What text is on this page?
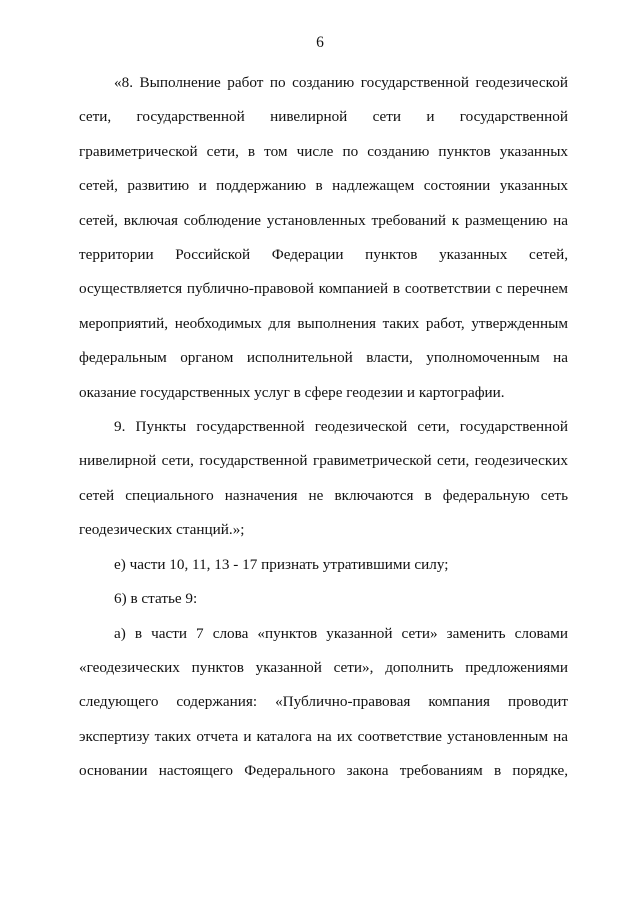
6

«8. Выполнение работ по созданию государственной геодезической сети, государственной нивелирной сети и государственной гравиметрической сети, в том числе по созданию пунктов указанных сетей, развитию и поддержанию в надлежащем состоянии указанных сетей, включая соблюдение установленных требований к размещению на территории Российской Федерации пунктов указанных сетей, осуществляется публично-правовой компанией в соответствии с перечнем мероприятий, необходимых для выполнения таких работ, утвержденным федеральным органом исполнительной власти, уполномоченным на оказание государственных услуг в сфере геодезии и картографии.

9. Пункты государственной геодезической сети, государственной нивелирной сети, государственной гравиметрической сети, геодезических сетей специального назначения не включаются в федеральную сеть геодезических станций.»;

е) части 10, 11, 13 - 17 признать утратившими силу;

6) в статье 9:

а) в части 7 слова «пунктов указанной сети» заменить словами «геодезических пунктов указанной сети», дополнить предложениями следующего содержания: «Публично-правовая компания проводит экспертизу таких отчета и каталога на их соответствие установленным на основании настоящего Федерального закона требованиям в порядке,
